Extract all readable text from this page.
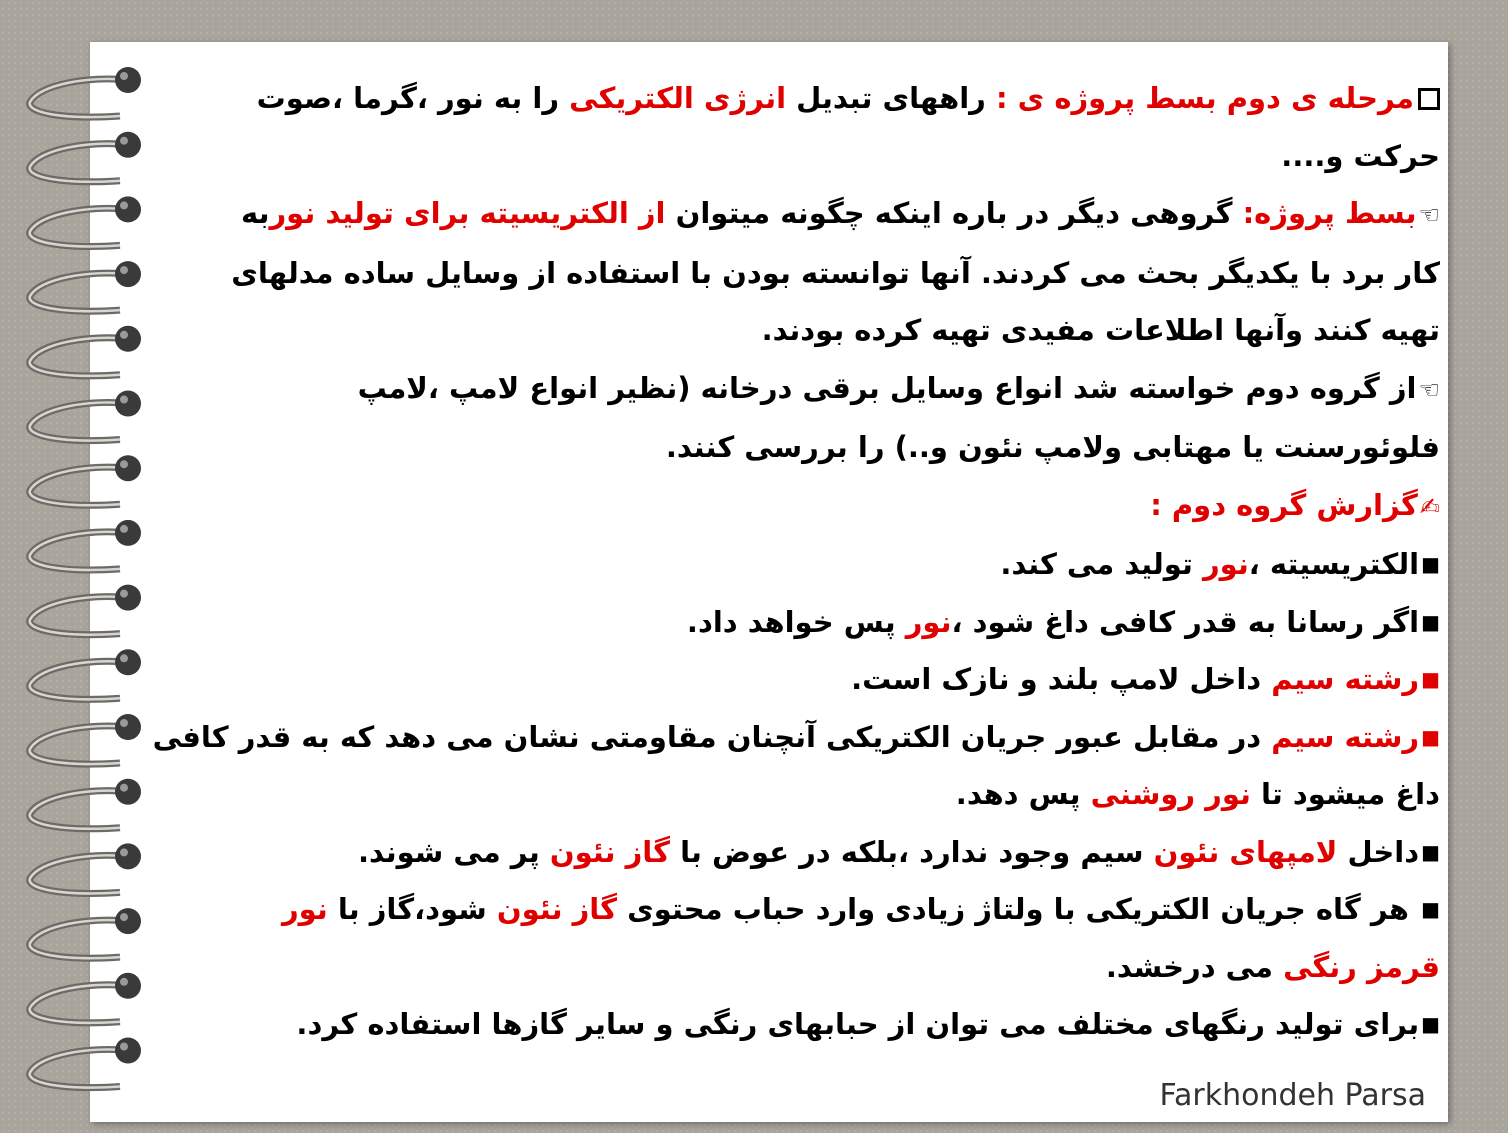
مرحله ی دوم بسط پروژه ی : راههای تبدیل انرژی الکتریکی را به نور ،گرما ،صوت

حرکت و....

☜بسط پروژه: گروهی دیگر در باره اینکه چگونه میتوان از الکتریسیته برای تولید نوربه

کار برد با یکدیگر بحث می کردند. آنها توانسته بودن با استفاده از وسایل ساده مدلهای

تهیه کنند وآنها اطلاعات مفیدی تهیه کرده بودند.

☜از گروه دوم خواسته شد انواع وسایل برقی درخانه (نظیر انواع لامپ ،لامپ

فلوئورسنت یا مهتابی ولامپ نئون و..) را بررسی کنند.

✍گزارش گروه دوم :

■الکتریسیته ،نور تولید می کند.

■اگر رسانا به قدر کافی داغ شود ،نور پس خواهد داد.

■رشته سیم داخل لامپ بلند و نازک است.

■رشته سیم در مقابل عبور جریان الکتریکی آنچنان مقاومتی نشان می دهد که به قدر کافی

داغ میشود تا نور روشنی پس دهد.

■داخل لامپهای نئون سیم وجود ندارد ،بلکه در عوض با گاز نئون پر می شوند.

■ هر گاه جریان الکتریکی با ولتاژ زیادی وارد حباب محتوی گاز نئون شود،گاز با نور

قرمز رنگی می درخشد.

■برای تولید رنگهای مختلف می توان از حبابهای رنگی و سایر گازها استفاده کرد.

Farkhondeh Parsa
